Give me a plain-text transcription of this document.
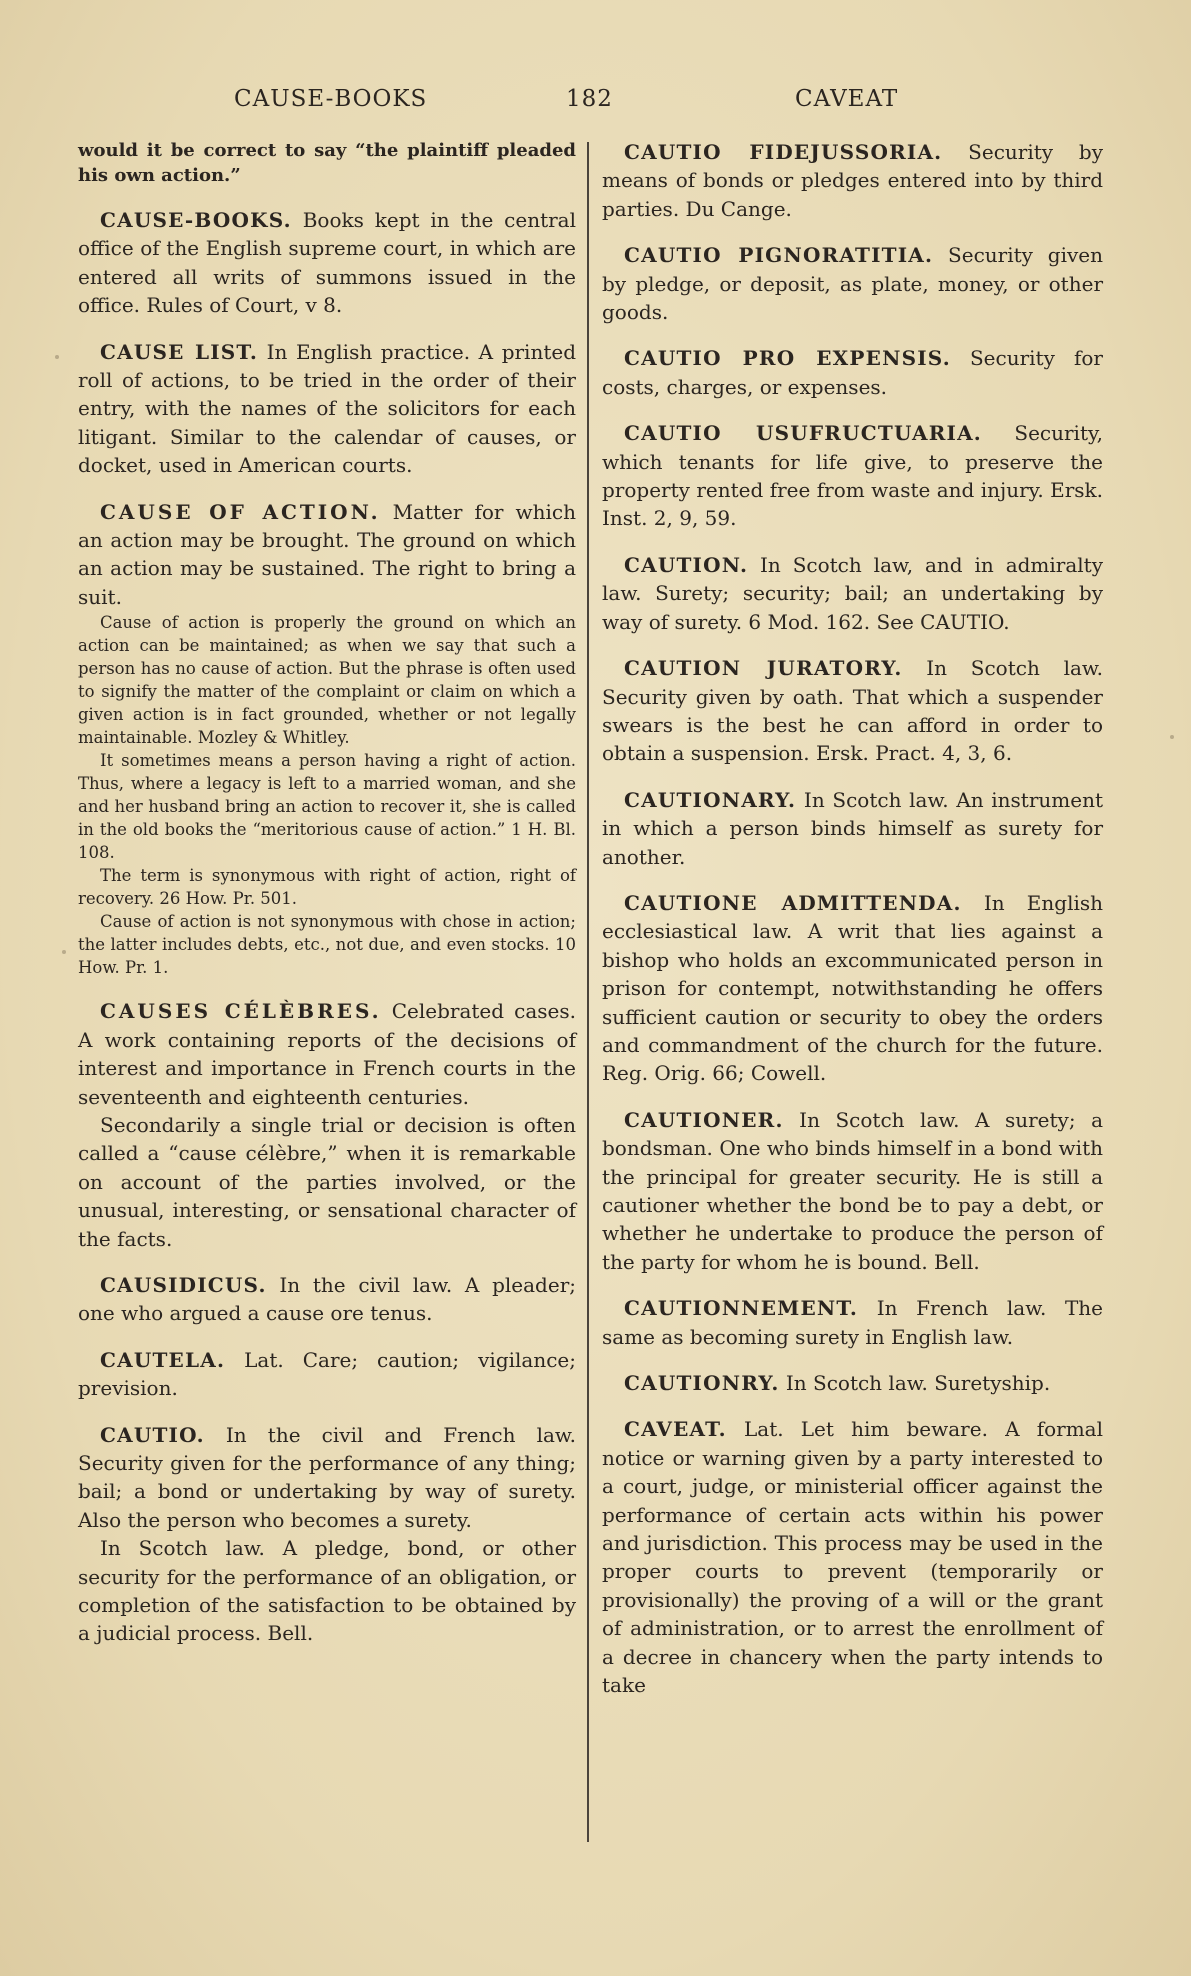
CAUSE-BOOKS	182	CAVEAT

would it be correct to say “the plaintiff pleaded his own action.”

CAUSE-BOOKS. Books kept in the central office of the English supreme court, in which are entered all writs of summons issued in the office. Rules of Court, v 8.

CAUSE LIST. In English practice. A printed roll of actions, to be tried in the order of their entry, with the names of the solicitors for each litigant. Similar to the calendar of causes, or docket, used in American courts.

CAUSE OF ACTION. Matter for which an action may be brought. The ground on which an action may be sustained. The right to bring a suit.

Cause of action is properly the ground on which an action can be maintained; as when we say that such a person has no cause of action. But the phrase is often used to signify the matter of the complaint or claim on which a given action is in fact grounded, whether or not legally maintainable. Mozley & Whitley.

It sometimes means a person having a right of action. Thus, where a legacy is left to a married woman, and she and her husband bring an action to recover it, she is called in the old books the “meritorious cause of action.” 1 H. Bl. 108.

The term is synonymous with right of action, right of recovery. 26 How. Pr. 501.

Cause of action is not synonymous with chose in action; the latter includes debts, etc., not due, and even stocks. 10 How. Pr. 1.

CAUSES CÉLÈBRES. Celebrated cases. A work containing reports of the decisions of interest and importance in French courts in the seventeenth and eighteenth centuries.

Secondarily a single trial or decision is often called a “cause célèbre,” when it is remarkable on account of the parties involved, or the unusual, interesting, or sensational character of the facts.

CAUSIDICUS. In the civil law. A pleader; one who argued a cause ore tenus.

CAUTELA. Lat. Care; caution; vigilance; prevision.

CAUTIO. In the civil and French law. Security given for the performance of any thing; bail; a bond or undertaking by way of surety. Also the person who becomes a surety.

In Scotch law. A pledge, bond, or other security for the performance of an obligation, or completion of the satisfaction to be obtained by a judicial process. Bell.

CAUTIO FIDEJUSSORIA. Security by means of bonds or pledges entered into by third parties. Du Cange.

CAUTIO PIGNORATITIA. Security given by pledge, or deposit, as plate, money, or other goods.

CAUTIO PRO EXPENSIS. Security for costs, charges, or expenses.

CAUTIO USUFRUCTUARIA. Security, which tenants for life give, to preserve the property rented free from waste and injury. Ersk. Inst. 2, 9, 59.

CAUTION. In Scotch law, and in admiralty law. Surety; security; bail; an undertaking by way of surety. 6 Mod. 162. See CAUTIO.

CAUTION JURATORY. In Scotch law. Security given by oath. That which a suspender swears is the best he can afford in order to obtain a suspension. Ersk. Pract. 4, 3, 6.

CAUTIONARY. In Scotch law. An instrument in which a person binds himself as surety for another.

CAUTIONE ADMITTENDA. In English ecclesiastical law. A writ that lies against a bishop who holds an excommunicated person in prison for contempt, notwithstanding he offers sufficient caution or security to obey the orders and commandment of the church for the future. Reg. Orig. 66; Cowell.

CAUTIONER. In Scotch law. A surety; a bondsman. One who binds himself in a bond with the principal for greater security. He is still a cautioner whether the bond be to pay a debt, or whether he undertake to produce the person of the party for whom he is bound. Bell.

CAUTIONNEMENT. In French law. The same as becoming surety in English law.

CAUTIONRY. In Scotch law. Suretyship.

CAVEAT. Lat. Let him beware. A formal notice or warning given by a party interested to a court, judge, or ministerial officer against the performance of certain acts within his power and jurisdiction. This process may be used in the proper courts to prevent (temporarily or provisionally) the proving of a will or the grant of administration, or to arrest the enrollment of a decree in chancery when the party intends to take
